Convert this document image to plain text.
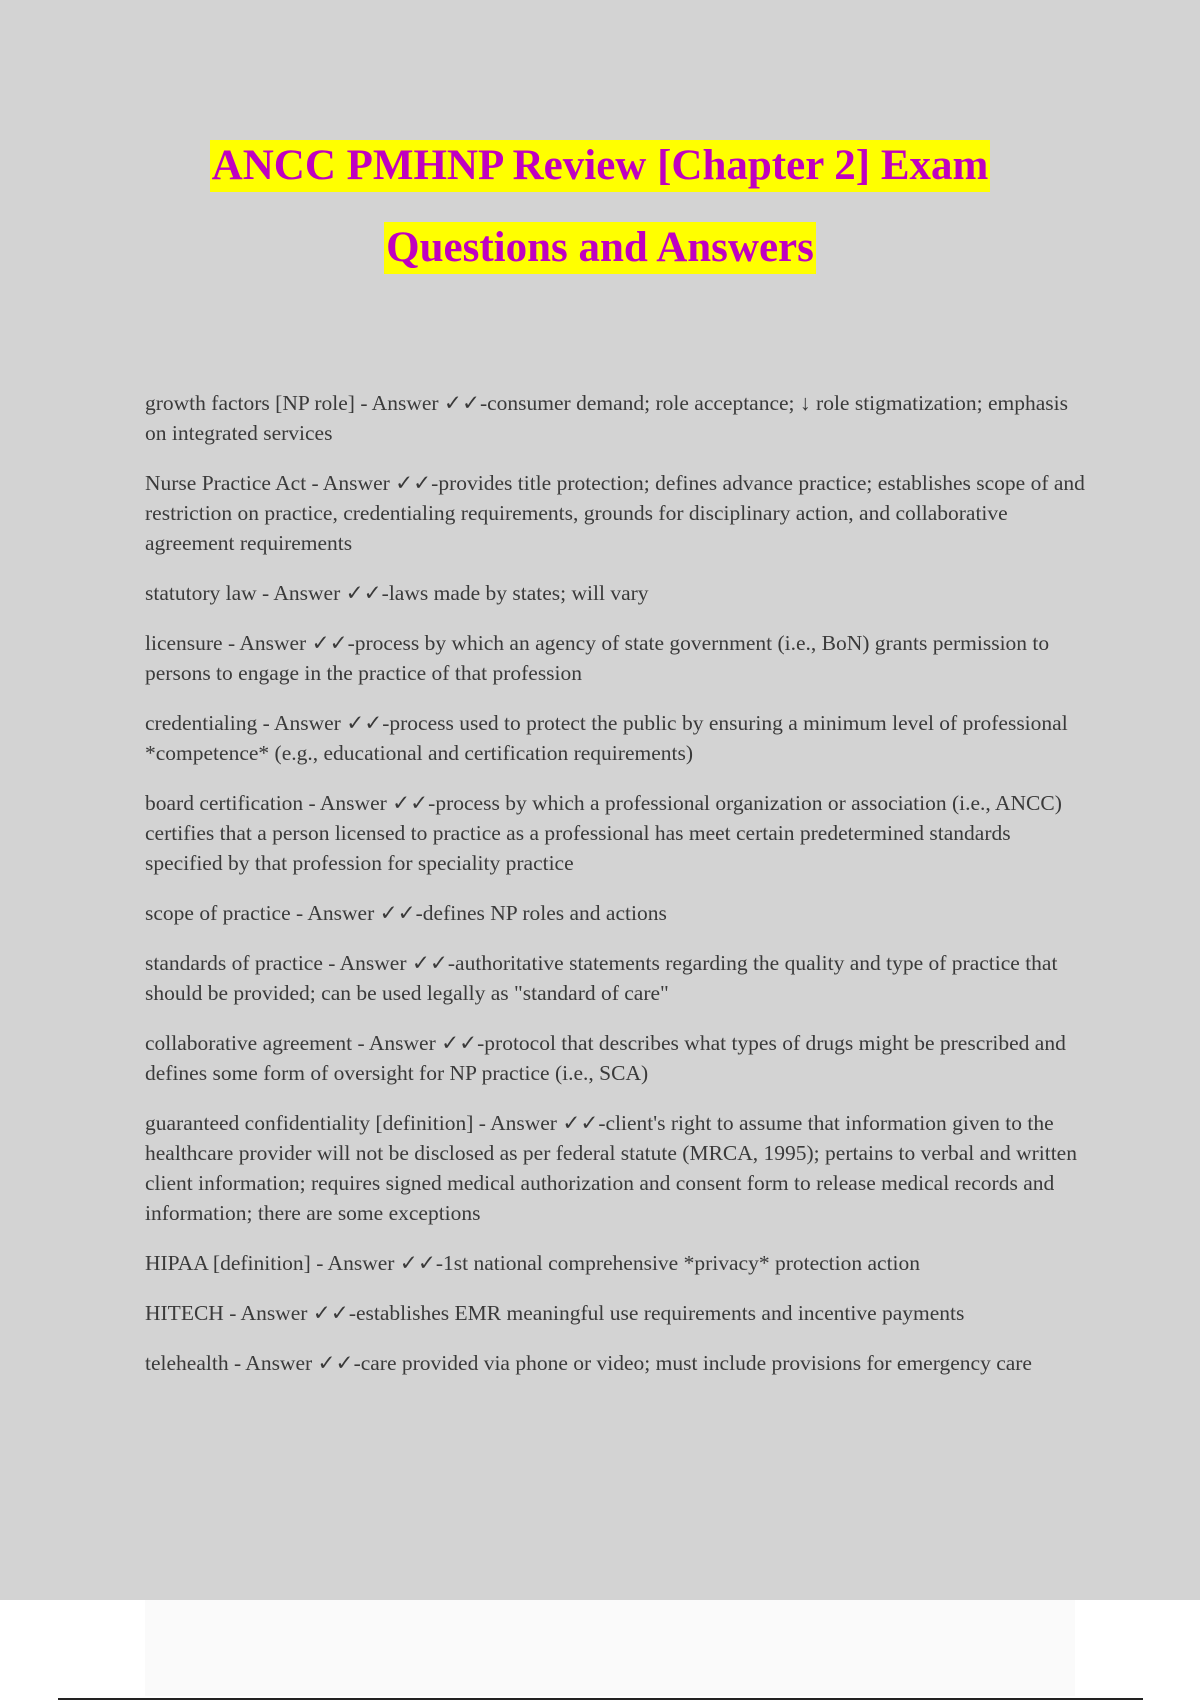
ANCC PMHNP Review [Chapter 2] Exam
Questions and Answers

growth factors [NP role] - Answer ✓✓-consumer demand; role acceptance; ↓ role stigmatization; emphasis on integrated services

Nurse Practice Act - Answer ✓✓-provides title protection; defines advance practice; establishes scope of and restriction on practice, credentialing requirements, grounds for disciplinary action, and collaborative agreement requirements

statutory law - Answer ✓✓-laws made by states; will vary

licensure - Answer ✓✓-process by which an agency of state government (i.e., BoN) grants permission to persons to engage in the practice of that profession

credentialing - Answer ✓✓-process used to protect the public by ensuring a minimum level of professional *competence* (e.g., educational and certification requirements)

board certification - Answer ✓✓-process by which a professional organization or association (i.e., ANCC) certifies that a person licensed to practice as a professional has meet certain predetermined standards specified by that profession for speciality practice

scope of practice - Answer ✓✓-defines NP roles and actions

standards of practice - Answer ✓✓-authoritative statements regarding the quality and type of practice that should be provided; can be used legally as "standard of care"

collaborative agreement - Answer ✓✓-protocol that describes what types of drugs might be prescribed and defines some form of oversight for NP practice (i.e., SCA)

guaranteed confidentiality [definition] - Answer ✓✓-client's right to assume that information given to the healthcare provider will not be disclosed as per federal statute (MRCA, 1995); pertains to verbal and written client information; requires signed medical authorization and consent form to release medical records and information; there are some exceptions

HIPAA [definition] - Answer ✓✓-1st national comprehensive *privacy* protection action

HITECH - Answer ✓✓-establishes EMR meaningful use requirements and incentive payments

telehealth - Answer ✓✓-care provided via phone or video; must include provisions for emergency care
